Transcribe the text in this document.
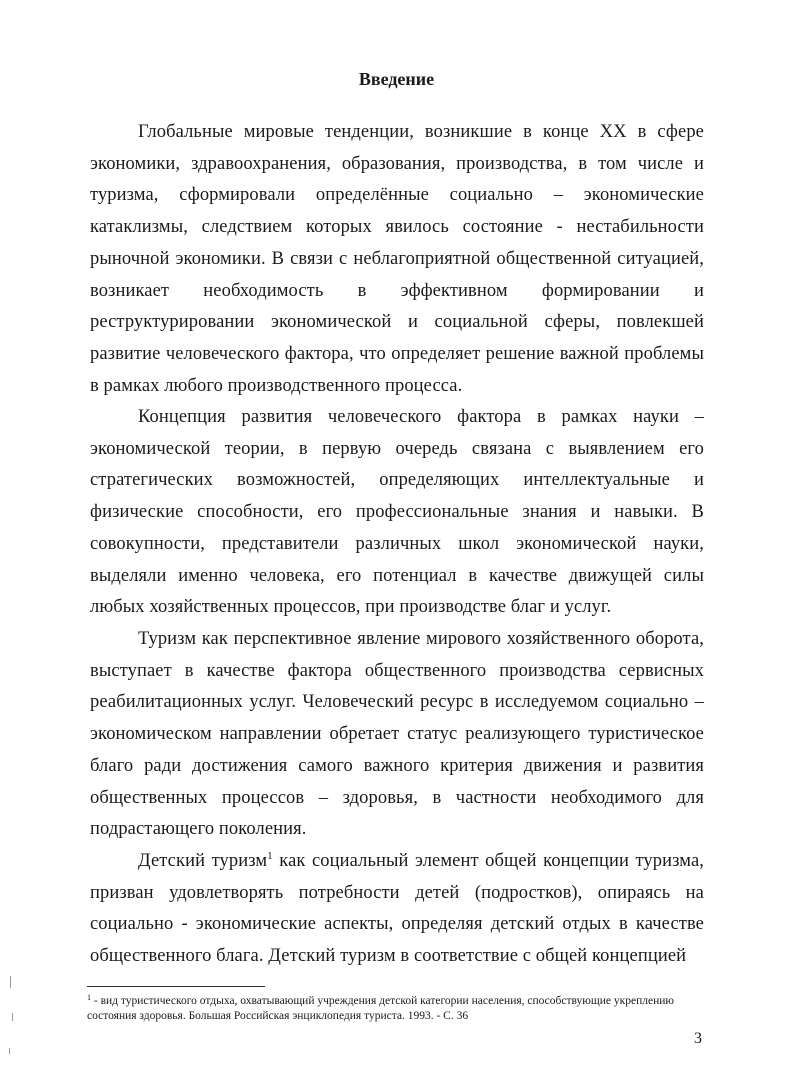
Введение

Глобальные мировые тенденции, возникшие в конце XX в сфере экономики, здравоохранения, образования, производства, в том числе и туризма, сформировали определённые социально – экономические катаклизмы, следствием которых явилось состояние - нестабильности рыночной экономики. В связи с неблагоприятной общественной ситуацией, возникает необходимость в эффективном формировании и реструктурировании экономической и социальной сферы, повлекшей развитие человеческого фактора, что определяет решение важной проблемы в рамках любого производственного процесса.

Концепция развития человеческого фактора в рамках науки – экономической теории, в первую очередь связана с выявлением его стратегических возможностей, определяющих интеллектуальные и физические способности, его профессиональные знания и навыки. В совокупности, представители различных школ экономической науки, выделяли именно человека, его потенциал в качестве движущей силы любых хозяйственных процессов, при производстве благ и услуг.

Туризм как перспективное явление мирового хозяйственного оборота, выступает в качестве фактора общественного производства сервисных реабилитационных услуг. Человеческий ресурс в исследуемом социально – экономическом направлении обретает статус реализующего туристическое благо ради достижения самого важного критерия движения и развития общественных процессов – здоровья, в частности необходимого для подрастающего поколения.

Детский туризм$^1$ как социальный элемент общей концепции туризма, призван удовлетворять потребности детей (подростков), опираясь на социально - экономические аспекты, определяя детский отдых в качестве общественного блага. Детский туризм в соответствие с общей концепцией

$^1$ - вид туристического отдыха, охватывающий учреждения детской категории населения, способствующие укреплению состояния здоровья. Большая Российская энциклопедия туриста. 1993. - С. 36

3
